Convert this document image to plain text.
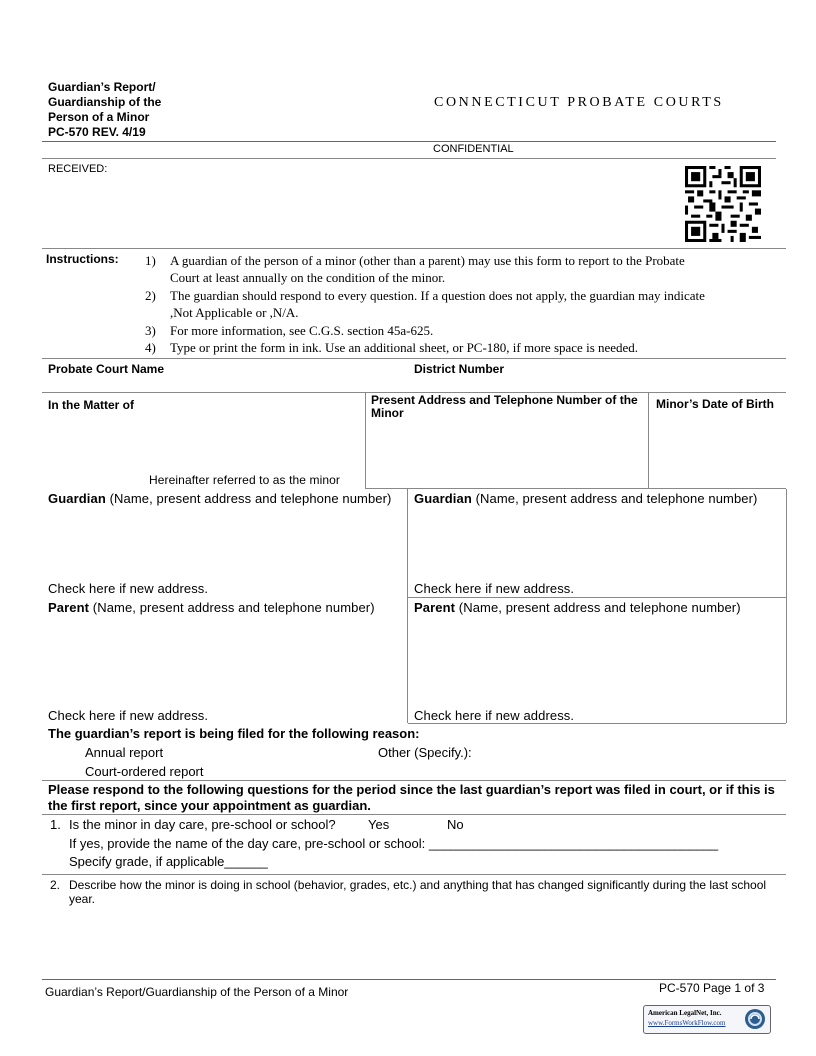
Guardian’s Report/
Guardianship of the
Person of a Minor
PC-570 REV. 4/19
CONNECTICUT PROBATE COURTS
CONFIDENTIAL
RECEIVED:
Instructions: 1)	A guardian of the person of a minor (other than a parent) may use this form to report to the Probate
Court at least annually on the condition of the minor.
2)	The guardian should respond to every question. If a question does not apply, the guardian may indicate
,Not Applicable or ,N/A.
3)	For more information, see C.G.S. section 45a-625.
4)	Type or print the form in ink. Use an additional sheet, or PC-180, if more space is needed.
Probate Court Name	District Number
In the Matter of
Hereinafter referred to as the minor
Present Address and Telephone Number of the Minor
Minor’s Date of Birth
Guardian (Name, present address and telephone number)
Check here if new address.
Guardian (Name, present address and telephone number)
Check here if new address.
Parent (Name, present address and telephone number)
Check here if new address.
Parent (Name, present address and telephone number)
Check here if new address.
The guardian’s report is being filed for the following reason:
Annual report	Other (Specify.):
Court-ordered report
Please respond to the following questions for the period since the last guardian’s report was filed in court, or if this is the first report, since your appointment as guardian.
1. Is the minor in day care, pre-school or school? Yes	No
If yes, provide the name of the day care, pre-school or school: ________________________________________
Specify grade, if applicable______
2. Describe how the minor is doing in school (behavior, grades, etc.) and anything that has changed significantly during the last school year.
Guardian’s Report/Guardianship of the Person of a Minor	PC-570 Page 1 of 3
American LegalNet, Inc.
www.FormsWorkFlow.com
